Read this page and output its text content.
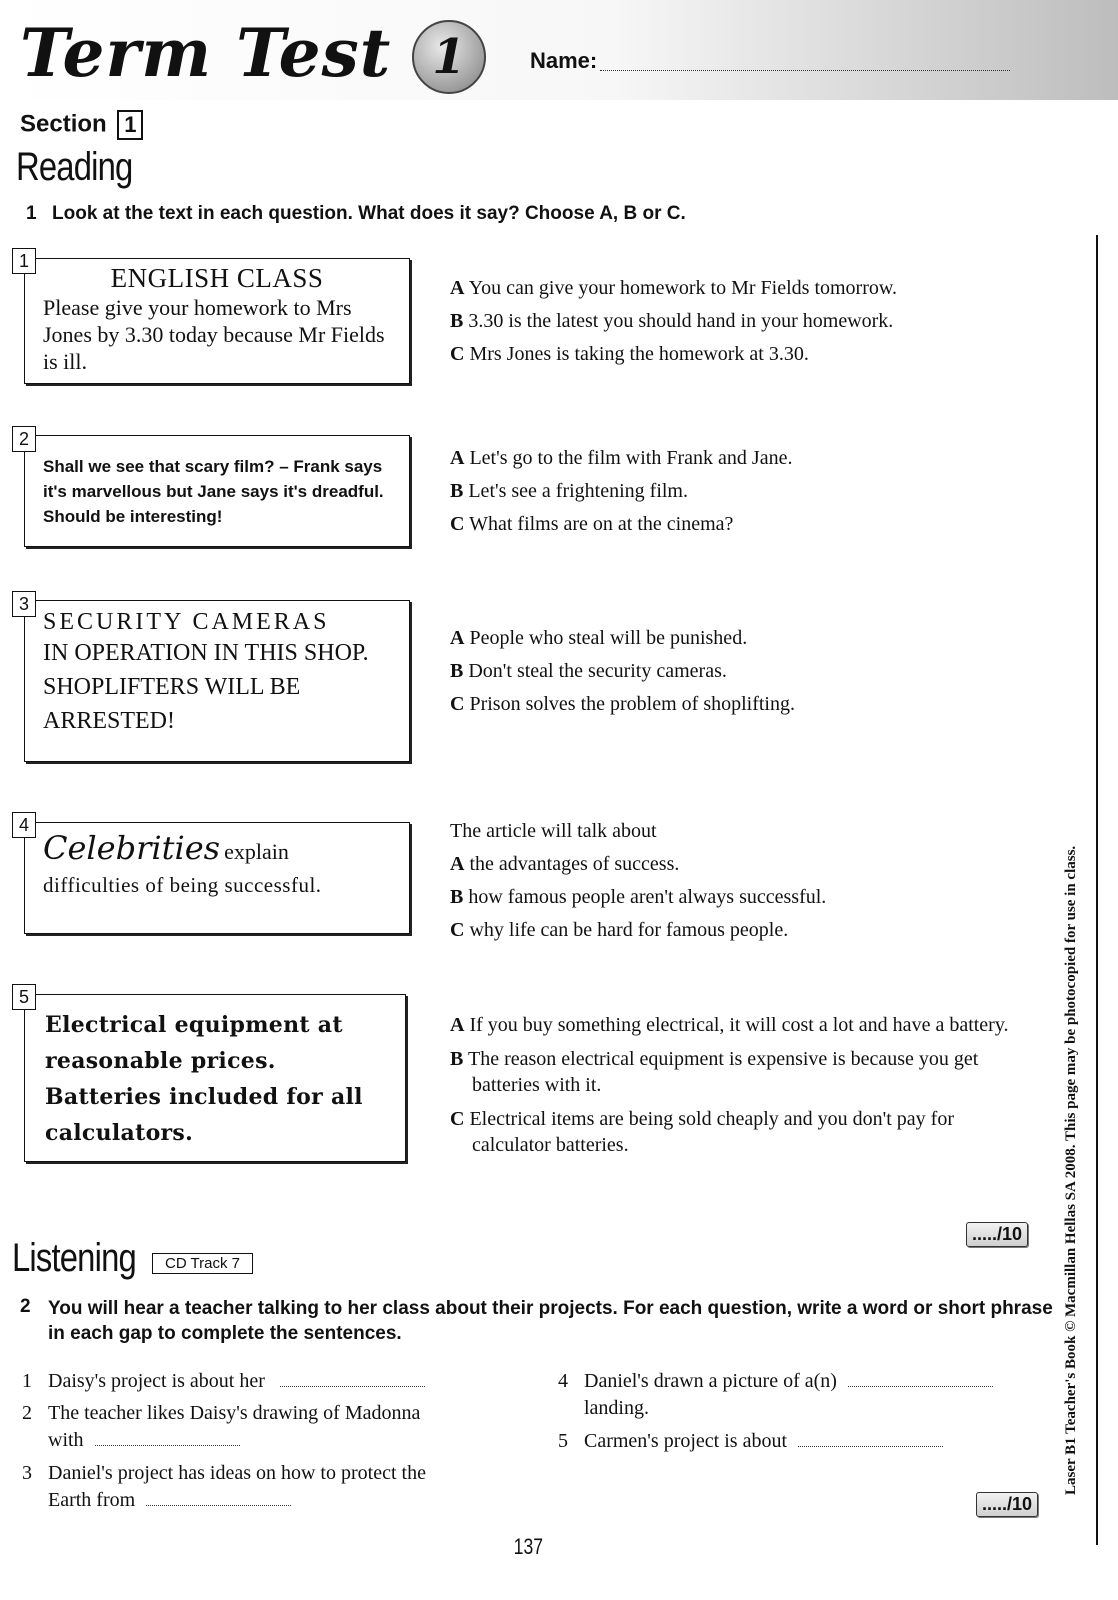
Term Test 1	Name:
Section 1
Reading
1 Look at the text in each question. What does it say? Choose A, B or C.
ENGLISH CLASS
Please give your homework to Mrs Jones by 3.30 today because Mr Fields is ill.
1
A You can give your homework to Mr Fields tomorrow.
B 3.30 is the latest you should hand in your homework.
C Mrs Jones is taking the homework at 3.30.
Shall we see that scary film? – Frank says it's marvellous but Jane says it's dreadful. Should be interesting!
2
A Let's go to the film with Frank and Jane.
B Let's see a frightening film.
C What films are on at the cinema?
SECURITY CAMERAS
IN OPERATION IN THIS SHOP. SHOPLIFTERS WILL BE ARRESTED!
3
A People who steal will be punished.
B Don't steal the security cameras.
C Prison solves the problem of shoplifting.
Celebrities explain
difficulties of being successful.
4	The article will talk about
A the advantages of success.
B how famous people aren't always successful.
C why life can be hard for famous people.
Electrical equipment at reasonable prices. Batteries included for all calculators.
5
A If you buy something electrical, it will cost a lot and have a battery.
B The reason electrical equipment is expensive is because you get batteries with it.
C Electrical items are being sold cheaply and you don't pay for calculator batteries.
...../10
Listening	CD Track 7
2 You will hear a teacher talking to her class about their projects. For each question, write a word or short phrase in each gap to complete the sentences.
1 Daisy's project is about her
2 The teacher likes Daisy's drawing of Madonna
with
3 Daniel's project has ideas on how to protect the
Earth from
4 Daniel's drawn a picture of a(n)
landing.
5 Carmen's project is about
...../10
137
Laser B1 Teacher's Book © Macmillan Hellas SA 2008. This page may be photocopied for use in class.
